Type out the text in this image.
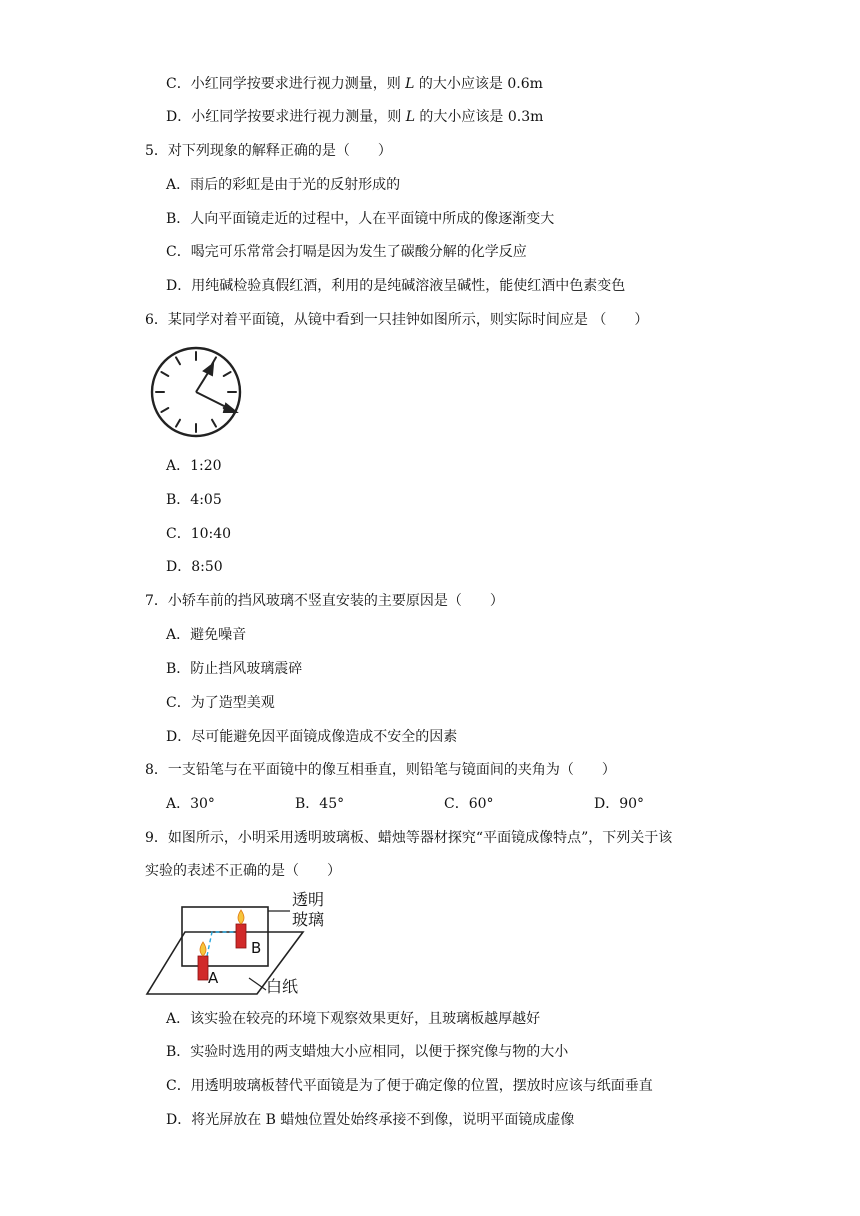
C．小红同学按要求进行视力测量，则 L 的大小应该是 0.6m
D．小红同学按要求进行视力测量，则 L 的大小应该是 0.3m
5．对下列现象的解释正确的是（　　）
A．雨后的彩虹是由于光的反射形成的
B．人向平面镜走近的过程中，人在平面镜中所成的像逐渐变大
C．喝完可乐常常会打嗝是因为发生了碳酸分解的化学反应
D．用纯碱检验真假红酒，利用的是纯碱溶液呈碱性，能使红酒中色素变色
6．某同学对着平面镜，从镜中看到一只挂钟如图所示，则实际时间应是 （　　）
A．1:20
B．4:05
C．10:40
D．8:50
7．小轿车前的挡风玻璃不竖直安装的主要原因是（　　）
A．避免噪音
B．防止挡风玻璃震碎
C．为了造型美观
D．尽可能避免因平面镜成像造成不安全的因素
8．一支铅笔与在平面镜中的像互相垂直，则铅笔与镜面间的夹角为（　　）
A．30°	B．45°	C．60°	D．90°
9．如图所示，小明采用透明玻璃板、蜡烛等器材探究“平面镜成像特点”，下列关于该
实验的表述不正确的是（　　）
透明
玻璃
B
A	白纸
A．该实验在较亮的环境下观察效果更好，且玻璃板越厚越好
B．实验时选用的两支蜡烛大小应相同，以便于探究像与物的大小
C．用透明玻璃板替代平面镜是为了便于确定像的位置，摆放时应该与纸面垂直
D．将光屏放在 B 蜡烛位置处始终承接不到像，说明平面镜成虚像
